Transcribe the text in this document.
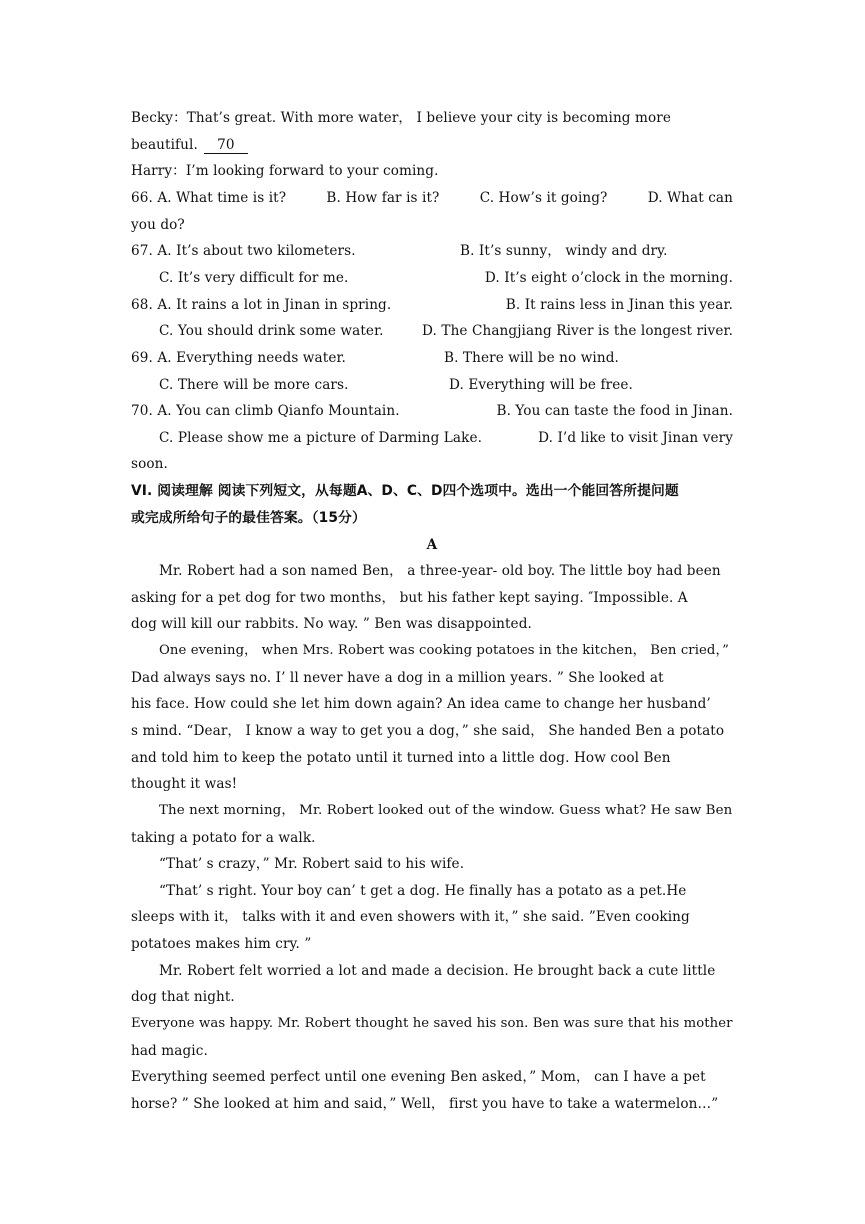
Becky：That’s great. With more water， I believe your city is becoming more
beautiful. 70
Harry：I’m looking forward to your coming.
66. A. What time is it?	B. How far is it?	C. How’s it going?	D. What can
you do?
67. A. It’s about two kilometers.	B. It’s sunny， windy and dry.
C. It’s very difficult for me.	D. It’s eight o’clock in the morning.
68. A. It rains a lot in Jinan in spring.	B. It rains less in Jinan this year.
C. You should drink some water.	D. The Changjiang River is the longest river.
69. A. Everything needs water.	B. There will be no wind.
C. There will be more cars.	D. Everything will be free.
70. A. You can climb Qianfo Mountain.	B. You can taste the food in Jinan.
C. Please show me a picture of Darming Lake.	D. I’d like to visit Jinan very
soon.
VI. 阅读理解 阅读下列短文，从每题A、D、C、D四个选项中。选出一个能回答所提问题
或完成所给句子的最佳答案。（15分）
A
Mr. Robert had a son named Ben， a three-year- old boy. The little boy had been
asking for a pet dog for two months， but his father kept saying. ″Impossible. A
dog will kill our rabbits. No way. ” Ben was disappointed.
One evening， when Mrs. Robert was cooking potatoes in the kitchen， Ben cried，”
Dad always says no. I’ ll never have a dog in a million years. ” She looked at
his face. How could she let him down again? An idea came to change her husband’
s mind. “Dear， I know a way to get you a dog，” she said， She handed Ben a potato
and told him to keep the potato until it turned into a little dog. How cool Ben
thought it was!
The next morning， Mr. Robert looked out of the window. Guess what? He saw Ben
taking a potato for a walk.
“That’ s crazy，” Mr. Robert said to his wife.
“That’ s right. Your boy can’ t get a dog. He finally has a potato as a pet.He
sleeps with it， talks with it and even showers with it，” she said. ”Even cooking
potatoes makes him cry. ”
Mr. Robert felt worried a lot and made a decision. He brought back a cute little
dog that night.
Everyone was happy. Mr. Robert thought he saved his son. Ben was sure that his mother
had magic.
Everything seemed perfect until one evening Ben asked，” Mom， can I have a pet
horse? ” She looked at him and said，” Well， first you have to take a watermelon…”
